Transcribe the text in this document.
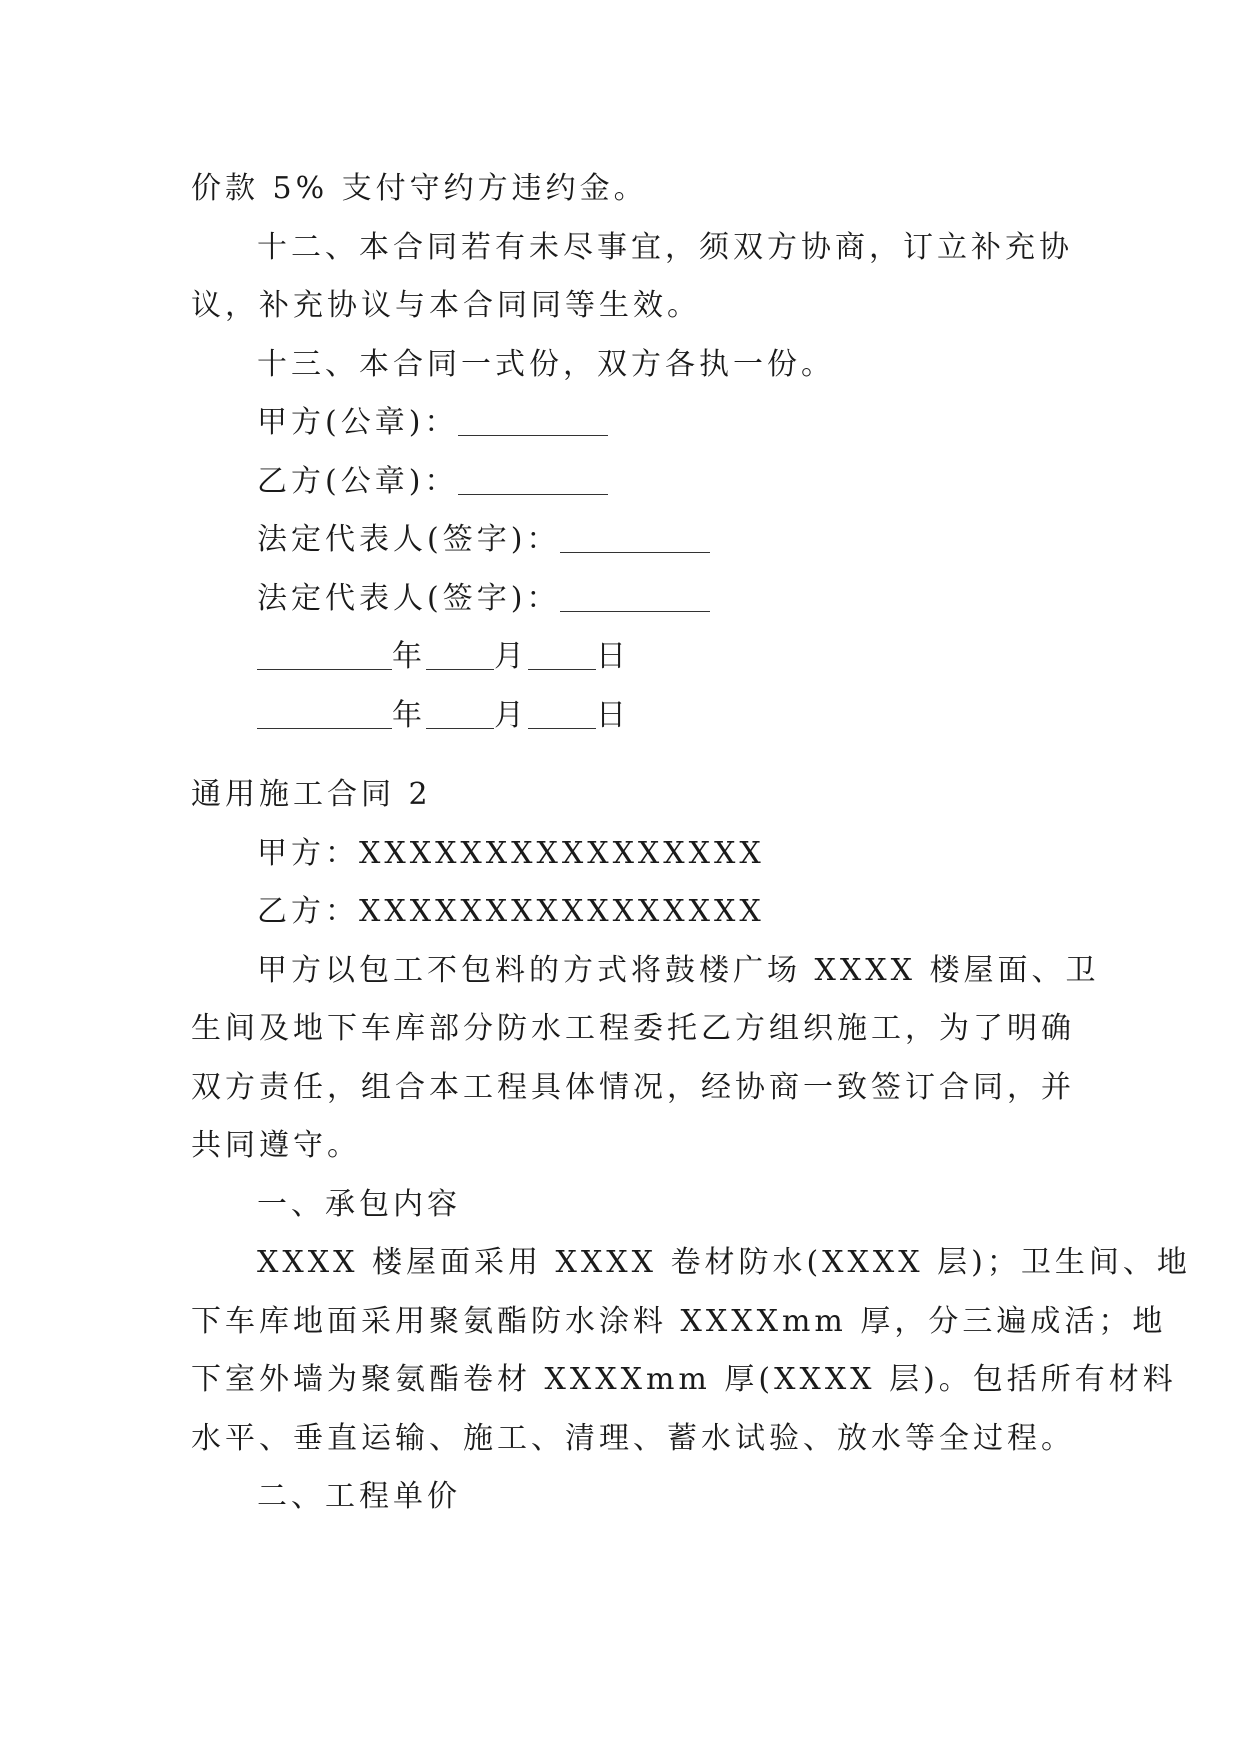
价款 5% 支付守约方违约金。
十二、本合同若有未尽事宜，须双方协商，订立补充协
议，补充协议与本合同同等生效。
十三、本合同一式份，双方各执一份。
甲方(公章)：
乙方(公章)：
法定代表人(签字)：
法定代表人(签字)：
年 月 日
年 月 日
通用施工合同 2
甲方：XXXXXXXXXXXXXXXX
乙方：XXXXXXXXXXXXXXXX
甲方以包工不包料的方式将鼓楼广场 XXXX 楼屋面、卫
生间及地下车库部分防水工程委托乙方组织施工，为了明确
双方责任，组合本工程具体情况，经协商一致签订合同，并
共同遵守。
一、承包内容
XXXX 楼屋面采用 XXXX 卷材防水(XXXX 层)；卫生间、地
下车库地面采用聚氨酯防水涂料 XXXXmm 厚，分三遍成活；地
下室外墙为聚氨酯卷材 XXXXmm 厚(XXXX 层)。包括所有材料
水平、垂直运输、施工、清理、蓄水试验、放水等全过程。
二、工程单价
